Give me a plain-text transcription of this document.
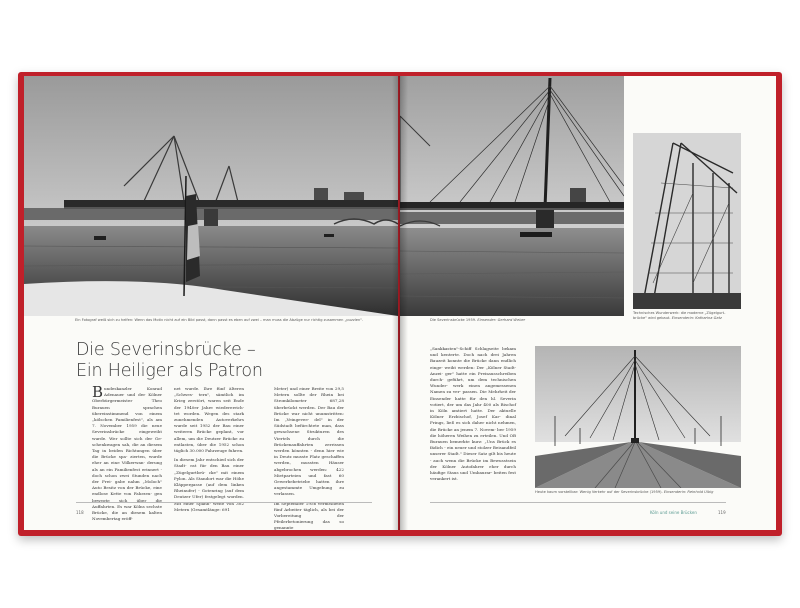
Ein Fotograf weiß sich zu helfen: Wenn das Motiv nicht auf ein Bild passt, dann passt es eben auf zwei – man muss die Abzüge nur richtig zusammen „puzzlen".	Die Severinsbrücke 1959. Einsender: Gerhard Weber
Technisches Wunderwerk: die moderne „Zügelgurt-
brücke" wird gebaut. Einsenderin: Katharina Gatz
Heute kaum vorstellbar: Wenig Verkehr auf der Severinsbrücke (1959). Einsenderin: Reinhold Ulbig
Die Severinsbrücke –
Ein Heiliger als Patron
B undeskanzler Konrad Adenauer und der Kölner Oberbürgermeister Theo Burauen sprachen übereinstimmend von einem „kölschen Familienfest", als am 7. November 1959 die neue Severinsbrücke eingeweiht wurde. Wer sollte sich der Ge- schenkwagen sah, die an diesem Tag in beiden Richtungen über die Brücke spa- zierten, wurde eher an eine Völkerwan- derung als an ein Familienfest erinnert - doch schon zwei Stunden nach der Frei- gabe nahm „Moloch" Auto Besitz von der Brücke, eine endlose Kette von Fahrzeu- gen bewegte sich über die Auffahrten. Es war Kölns sechste Brücke, die an diesem kalten Novembertag eröff-

net wurde. Ihre fünf älteren „Schwes- tern", sämtlich im Krieg zerstört, waren seit Ende der 1940er Jahre wiedererrich- tet worden. Wegen des stark zunehmenden Autoverkehrs wurde seit 1952 der Bau einer weiteren Brücke geplant, vor allem, um die Deutzer Brücke zu entlasten, über die 1952 schon täglich 30.000 Fahrzeuge fuhren.

In diesem Jahr entschied sich der Stadt- rat für den Bau einer „Zügelgurtbrü- cke" mit einem Pylon. Als Standort war die Höhe Kläppergasse (auf dem linken Rheinufer) - Gotenring (auf dem Deutzer Ufer) festgelegt worden. Mit einer Spann- weite von 302 Metern (Gesamtlänge: 691

Meter) und einer Breite von 29,5 Metern sollte der Rhein bei Stromkilometer 687,28 überbrückt werden. Der Bau der Brücke war nicht unumstritten: Im „Veingevee- del" in der Südstadt befürchtete man, dass gewachsene Strukturen des Viertels durch die Brückenauffahrten zerrissen werden könnten - denn hier wie in Deutz musste Platz geschaffen werden, mussten Häuser abgebrochen werden: 422 Mietparteien und fast 60 Gewerbebetriebe hatten ihre angestammte Umgebung zu verlassen.

Im September 1956 vermeldeten fünf Arbeiter täglich, als bei der Vorbereitung der Pfeilerbetonierung das so genannte

„Sankkasten"-Schiff Schlagseite bekam und kenterte. Doch nach drei Jahren Bauzeit konnte die Brücke dann endlich einge- weiht werden: Der „Kölner Stadt-Anzei- ger" hatte ein Preisausschreiben durch- geführt, um dem technischen Wunder- werk einen angemessenen Namen zu ver- passen. Die Mehrheit der Einsender hatte für den hl. Severin votiert, der um das Jahr 400 als Bischof in Köln amtiert hatte. Der aktuelle Kölner Erzbischof, Josef Kar- dinal Frings, ließ es sich daher nicht nehmen, die Brücke an jenem 7. Novem- ber 1959 die höheren Weihen zu erteilen. Und OB Burauen bemerkte kurz: „Uns Brück es fädich - ein neuer und stolzer Beisandfeil unserer Stadt." Dieser Satz gilt bis heute - auch wenn die Brücke im Bewusstsein der Kölner Autofahrer eher durch häufige Staus und Umbaurar- beiten fest verankert ist.
118	Köln und seine Brücken	119
